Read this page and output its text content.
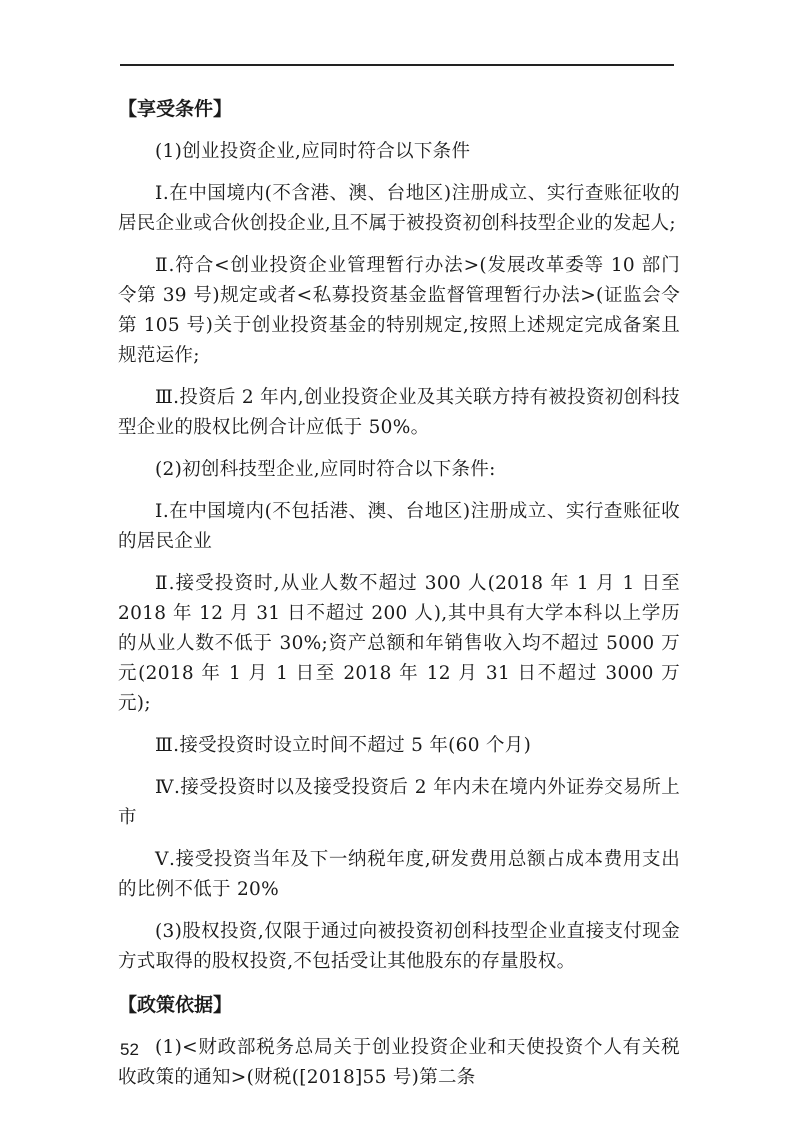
【享受条件】
(1)创业投资企业,应同时符合以下条件
Ⅰ.在中国境内(不含港、澳、台地区)注册成立、实行查账征收的居民企业或合伙创投企业,且不属于被投资初创科技型企业的发起人;
Ⅱ.符合<创业投资企业管理暂行办法>(发展改革委等 10 部门令第 39 号)规定或者<私募投资基金监督管理暂行办法>(证监会令第 105 号)关于创业投资基金的特别规定,按照上述规定完成备案且规范运作;
Ⅲ.投资后 2 年内,创业投资企业及其关联方持有被投资初创科技型企业的股权比例合计应低于 50%。
(2)初创科技型企业,应同时符合以下条件:
Ⅰ.在中国境内(不包括港、澳、台地区)注册成立、实行查账征收的居民企业
Ⅱ.接受投资时,从业人数不超过 300 人(2018 年 1 月 1 日至 2018 年 12 月 31 日不超过 200 人),其中具有大学本科以上学历的从业人数不低于 30%;资产总额和年销售收入均不超过 5000 万元(2018 年 1 月 1 日至 2018 年 12 月 31 日不超过 3000 万元);
Ⅲ.接受投资时设立时间不超过 5 年(60 个月)
Ⅳ.接受投资时以及接受投资后 2 年内未在境内外证券交易所上市
Ⅴ.接受投资当年及下一纳税年度,研发费用总额占成本费用支出的比例不低于 20%
(3)股权投资,仅限于通过向被投资初创科技型企业直接支付现金方式取得的股权投资,不包括受让其他股东的存量股权。
【政策依据】
(1)<财政部税务总局关于创业投资企业和天使投资个人有关税收政策的通知>(财税([2018]55 号)第二条
52
